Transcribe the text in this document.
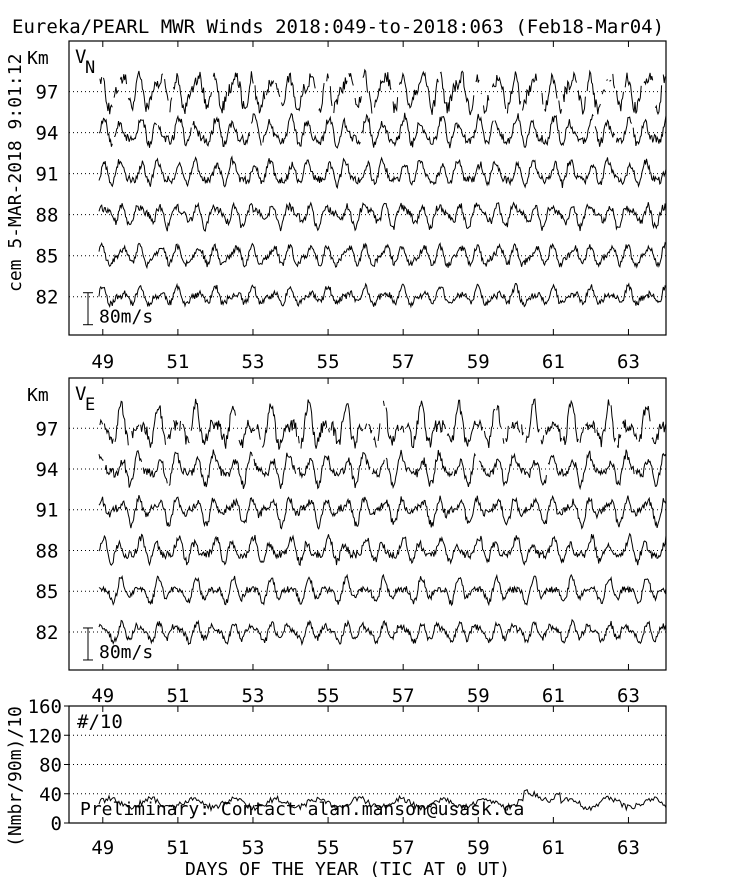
Eureka/PEARL MWR Winds 2018:049-to-2018:063 (Feb18-Mar04)
cem 5-MAR-2018 9:01:12
DAYS OF THE YEAR (TIC AT 0 UT)
Preliminary: Contact alan.manson@usask.ca
49	51	53	55	57	59	61	63
Km V
N
82
85
88
91
94
97
80m/s
49	51	53	55	57	59	61	63
Km V
E
82
85
88
91
94
97
80m/s
49	51	53	55	57	59	61	63
0
40
80
120
160
(Nmbr/90m)/10	#/10
